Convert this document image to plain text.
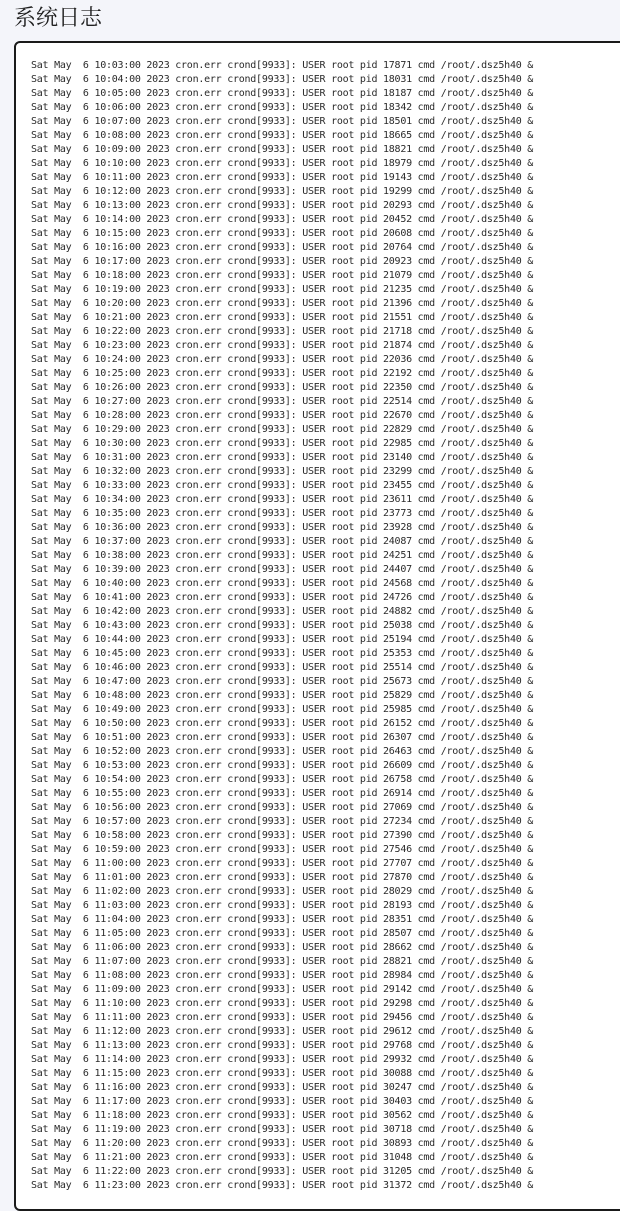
系统日志
Sat May  6 10:03:00 2023 cron.err crond[9933]: USER root pid 17871 cmd /root/.dsz5h40 &
Sat May  6 10:04:00 2023 cron.err crond[9933]: USER root pid 18031 cmd /root/.dsz5h40 &
Sat May  6 10:05:00 2023 cron.err crond[9933]: USER root pid 18187 cmd /root/.dsz5h40 &
Sat May  6 10:06:00 2023 cron.err crond[9933]: USER root pid 18342 cmd /root/.dsz5h40 &
Sat May  6 10:07:00 2023 cron.err crond[9933]: USER root pid 18501 cmd /root/.dsz5h40 &
Sat May  6 10:08:00 2023 cron.err crond[9933]: USER root pid 18665 cmd /root/.dsz5h40 &
Sat May  6 10:09:00 2023 cron.err crond[9933]: USER root pid 18821 cmd /root/.dsz5h40 &
Sat May  6 10:10:00 2023 cron.err crond[9933]: USER root pid 18979 cmd /root/.dsz5h40 &
Sat May  6 10:11:00 2023 cron.err crond[9933]: USER root pid 19143 cmd /root/.dsz5h40 &
Sat May  6 10:12:00 2023 cron.err crond[9933]: USER root pid 19299 cmd /root/.dsz5h40 &
Sat May  6 10:13:00 2023 cron.err crond[9933]: USER root pid 20293 cmd /root/.dsz5h40 &
Sat May  6 10:14:00 2023 cron.err crond[9933]: USER root pid 20452 cmd /root/.dsz5h40 &
Sat May  6 10:15:00 2023 cron.err crond[9933]: USER root pid 20608 cmd /root/.dsz5h40 &
Sat May  6 10:16:00 2023 cron.err crond[9933]: USER root pid 20764 cmd /root/.dsz5h40 &
Sat May  6 10:17:00 2023 cron.err crond[9933]: USER root pid 20923 cmd /root/.dsz5h40 &
Sat May  6 10:18:00 2023 cron.err crond[9933]: USER root pid 21079 cmd /root/.dsz5h40 &
Sat May  6 10:19:00 2023 cron.err crond[9933]: USER root pid 21235 cmd /root/.dsz5h40 &
Sat May  6 10:20:00 2023 cron.err crond[9933]: USER root pid 21396 cmd /root/.dsz5h40 &
Sat May  6 10:21:00 2023 cron.err crond[9933]: USER root pid 21551 cmd /root/.dsz5h40 &
Sat May  6 10:22:00 2023 cron.err crond[9933]: USER root pid 21718 cmd /root/.dsz5h40 &
Sat May  6 10:23:00 2023 cron.err crond[9933]: USER root pid 21874 cmd /root/.dsz5h40 &
Sat May  6 10:24:00 2023 cron.err crond[9933]: USER root pid 22036 cmd /root/.dsz5h40 &
Sat May  6 10:25:00 2023 cron.err crond[9933]: USER root pid 22192 cmd /root/.dsz5h40 &
Sat May  6 10:26:00 2023 cron.err crond[9933]: USER root pid 22350 cmd /root/.dsz5h40 &
Sat May  6 10:27:00 2023 cron.err crond[9933]: USER root pid 22514 cmd /root/.dsz5h40 &
Sat May  6 10:28:00 2023 cron.err crond[9933]: USER root pid 22670 cmd /root/.dsz5h40 &
Sat May  6 10:29:00 2023 cron.err crond[9933]: USER root pid 22829 cmd /root/.dsz5h40 &
Sat May  6 10:30:00 2023 cron.err crond[9933]: USER root pid 22985 cmd /root/.dsz5h40 &
Sat May  6 10:31:00 2023 cron.err crond[9933]: USER root pid 23140 cmd /root/.dsz5h40 &
Sat May  6 10:32:00 2023 cron.err crond[9933]: USER root pid 23299 cmd /root/.dsz5h40 &
Sat May  6 10:33:00 2023 cron.err crond[9933]: USER root pid 23455 cmd /root/.dsz5h40 &
Sat May  6 10:34:00 2023 cron.err crond[9933]: USER root pid 23611 cmd /root/.dsz5h40 &
Sat May  6 10:35:00 2023 cron.err crond[9933]: USER root pid 23773 cmd /root/.dsz5h40 &
Sat May  6 10:36:00 2023 cron.err crond[9933]: USER root pid 23928 cmd /root/.dsz5h40 &
Sat May  6 10:37:00 2023 cron.err crond[9933]: USER root pid 24087 cmd /root/.dsz5h40 &
Sat May  6 10:38:00 2023 cron.err crond[9933]: USER root pid 24251 cmd /root/.dsz5h40 &
Sat May  6 10:39:00 2023 cron.err crond[9933]: USER root pid 24407 cmd /root/.dsz5h40 &
Sat May  6 10:40:00 2023 cron.err crond[9933]: USER root pid 24568 cmd /root/.dsz5h40 &
Sat May  6 10:41:00 2023 cron.err crond[9933]: USER root pid 24726 cmd /root/.dsz5h40 &
Sat May  6 10:42:00 2023 cron.err crond[9933]: USER root pid 24882 cmd /root/.dsz5h40 &
Sat May  6 10:43:00 2023 cron.err crond[9933]: USER root pid 25038 cmd /root/.dsz5h40 &
Sat May  6 10:44:00 2023 cron.err crond[9933]: USER root pid 25194 cmd /root/.dsz5h40 &
Sat May  6 10:45:00 2023 cron.err crond[9933]: USER root pid 25353 cmd /root/.dsz5h40 &
Sat May  6 10:46:00 2023 cron.err crond[9933]: USER root pid 25514 cmd /root/.dsz5h40 &
Sat May  6 10:47:00 2023 cron.err crond[9933]: USER root pid 25673 cmd /root/.dsz5h40 &
Sat May  6 10:48:00 2023 cron.err crond[9933]: USER root pid 25829 cmd /root/.dsz5h40 &
Sat May  6 10:49:00 2023 cron.err crond[9933]: USER root pid 25985 cmd /root/.dsz5h40 &
Sat May  6 10:50:00 2023 cron.err crond[9933]: USER root pid 26152 cmd /root/.dsz5h40 &
Sat May  6 10:51:00 2023 cron.err crond[9933]: USER root pid 26307 cmd /root/.dsz5h40 &
Sat May  6 10:52:00 2023 cron.err crond[9933]: USER root pid 26463 cmd /root/.dsz5h40 &
Sat May  6 10:53:00 2023 cron.err crond[9933]: USER root pid 26609 cmd /root/.dsz5h40 &
Sat May  6 10:54:00 2023 cron.err crond[9933]: USER root pid 26758 cmd /root/.dsz5h40 &
Sat May  6 10:55:00 2023 cron.err crond[9933]: USER root pid 26914 cmd /root/.dsz5h40 &
Sat May  6 10:56:00 2023 cron.err crond[9933]: USER root pid 27069 cmd /root/.dsz5h40 &
Sat May  6 10:57:00 2023 cron.err crond[9933]: USER root pid 27234 cmd /root/.dsz5h40 &
Sat May  6 10:58:00 2023 cron.err crond[9933]: USER root pid 27390 cmd /root/.dsz5h40 &
Sat May  6 10:59:00 2023 cron.err crond[9933]: USER root pid 27546 cmd /root/.dsz5h40 &
Sat May  6 11:00:00 2023 cron.err crond[9933]: USER root pid 27707 cmd /root/.dsz5h40 &
Sat May  6 11:01:00 2023 cron.err crond[9933]: USER root pid 27870 cmd /root/.dsz5h40 &
Sat May  6 11:02:00 2023 cron.err crond[9933]: USER root pid 28029 cmd /root/.dsz5h40 &
Sat May  6 11:03:00 2023 cron.err crond[9933]: USER root pid 28193 cmd /root/.dsz5h40 &
Sat May  6 11:04:00 2023 cron.err crond[9933]: USER root pid 28351 cmd /root/.dsz5h40 &
Sat May  6 11:05:00 2023 cron.err crond[9933]: USER root pid 28507 cmd /root/.dsz5h40 &
Sat May  6 11:06:00 2023 cron.err crond[9933]: USER root pid 28662 cmd /root/.dsz5h40 &
Sat May  6 11:07:00 2023 cron.err crond[9933]: USER root pid 28821 cmd /root/.dsz5h40 &
Sat May  6 11:08:00 2023 cron.err crond[9933]: USER root pid 28984 cmd /root/.dsz5h40 &
Sat May  6 11:09:00 2023 cron.err crond[9933]: USER root pid 29142 cmd /root/.dsz5h40 &
Sat May  6 11:10:00 2023 cron.err crond[9933]: USER root pid 29298 cmd /root/.dsz5h40 &
Sat May  6 11:11:00 2023 cron.err crond[9933]: USER root pid 29456 cmd /root/.dsz5h40 &
Sat May  6 11:12:00 2023 cron.err crond[9933]: USER root pid 29612 cmd /root/.dsz5h40 &
Sat May  6 11:13:00 2023 cron.err crond[9933]: USER root pid 29768 cmd /root/.dsz5h40 &
Sat May  6 11:14:00 2023 cron.err crond[9933]: USER root pid 29932 cmd /root/.dsz5h40 &
Sat May  6 11:15:00 2023 cron.err crond[9933]: USER root pid 30088 cmd /root/.dsz5h40 &
Sat May  6 11:16:00 2023 cron.err crond[9933]: USER root pid 30247 cmd /root/.dsz5h40 &
Sat May  6 11:17:00 2023 cron.err crond[9933]: USER root pid 30403 cmd /root/.dsz5h40 &
Sat May  6 11:18:00 2023 cron.err crond[9933]: USER root pid 30562 cmd /root/.dsz5h40 &
Sat May  6 11:19:00 2023 cron.err crond[9933]: USER root pid 30718 cmd /root/.dsz5h40 &
Sat May  6 11:20:00 2023 cron.err crond[9933]: USER root pid 30893 cmd /root/.dsz5h40 &
Sat May  6 11:21:00 2023 cron.err crond[9933]: USER root pid 31048 cmd /root/.dsz5h40 &
Sat May  6 11:22:00 2023 cron.err crond[9933]: USER root pid 31205 cmd /root/.dsz5h40 &
Sat May  6 11:23:00 2023 cron.err crond[9933]: USER root pid 31372 cmd /root/.dsz5h40 &
